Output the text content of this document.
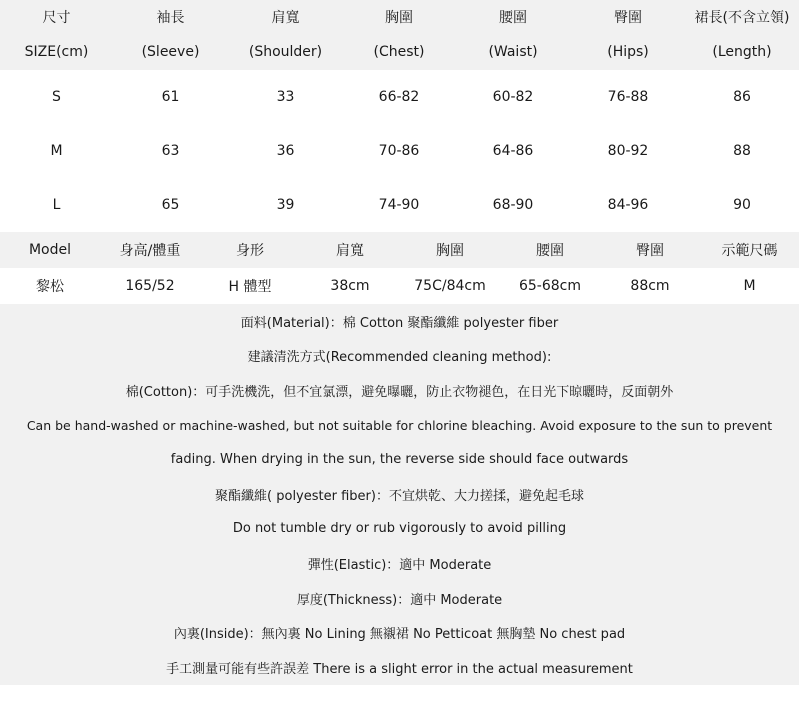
尺寸	袖長	肩寬	胸圍	腰圍	臀圍	裙長(不含立領)
SIZE(cm)	(Sleeve)	(Shoulder)	(Chest)	(Waist)	(Hips)	(Length)
S	61	33	66-82	60-82	76-88	86
M	63	36	70-86	64-86	80-92	88
L	65	39	74-90	68-90	84-96	90
Model	身高/體重	身形	肩寬	胸圍	腰圍	臀圍	示範尺碼
黎松	165/52	H 體型	38cm	75C/84cm	65-68cm	88cm	M
面料(Material)：棉 Cotton 聚酯纖維 polyester fiber
建議清洗方式(Recommended cleaning method):
棉(Cotton)：可手洗機洗，但不宜氯漂，避免曝曬，防止衣物褪色，在日光下晾曬時，反面朝外
Can be hand-washed or machine-washed, but not suitable for chlorine bleaching. Avoid exposure to the sun to prevent
fading. When drying in the sun, the reverse side should face outwards
聚酯纖維( polyester fiber)：不宜烘乾、大力搓揉，避免起毛球
Do not tumble dry or rub vigorously to avoid pilling
彈性(Elastic)：適中 Moderate
厚度(Thickness)：適中 Moderate
內裏(Inside)：無內裏 No Lining 無襯裙 No Petticoat 無胸墊 No chest pad
手工測量可能有些許誤差 There is a slight error in the actual measurement
